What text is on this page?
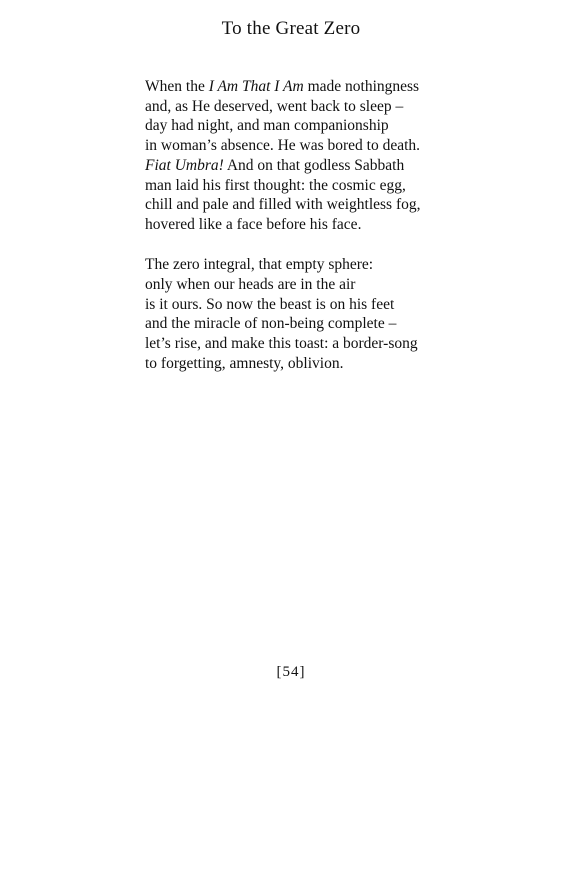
To the Great Zero
When the I Am That I Am made nothingness
and, as He deserved, went back to sleep –
day had night, and man companionship
in woman’s absence. He was bored to death.
Fiat Umbra! And on that godless Sabbath
man laid his first thought: the cosmic egg,
chill and pale and filled with weightless fog,
hovered like a face before his face.
The zero integral, that empty sphere:
only when our heads are in the air
is it ours. So now the beast is on his feet
and the miracle of non-being complete –
let’s rise, and make this toast: a border-song
to forgetting, amnesty, oblivion.
[54]
